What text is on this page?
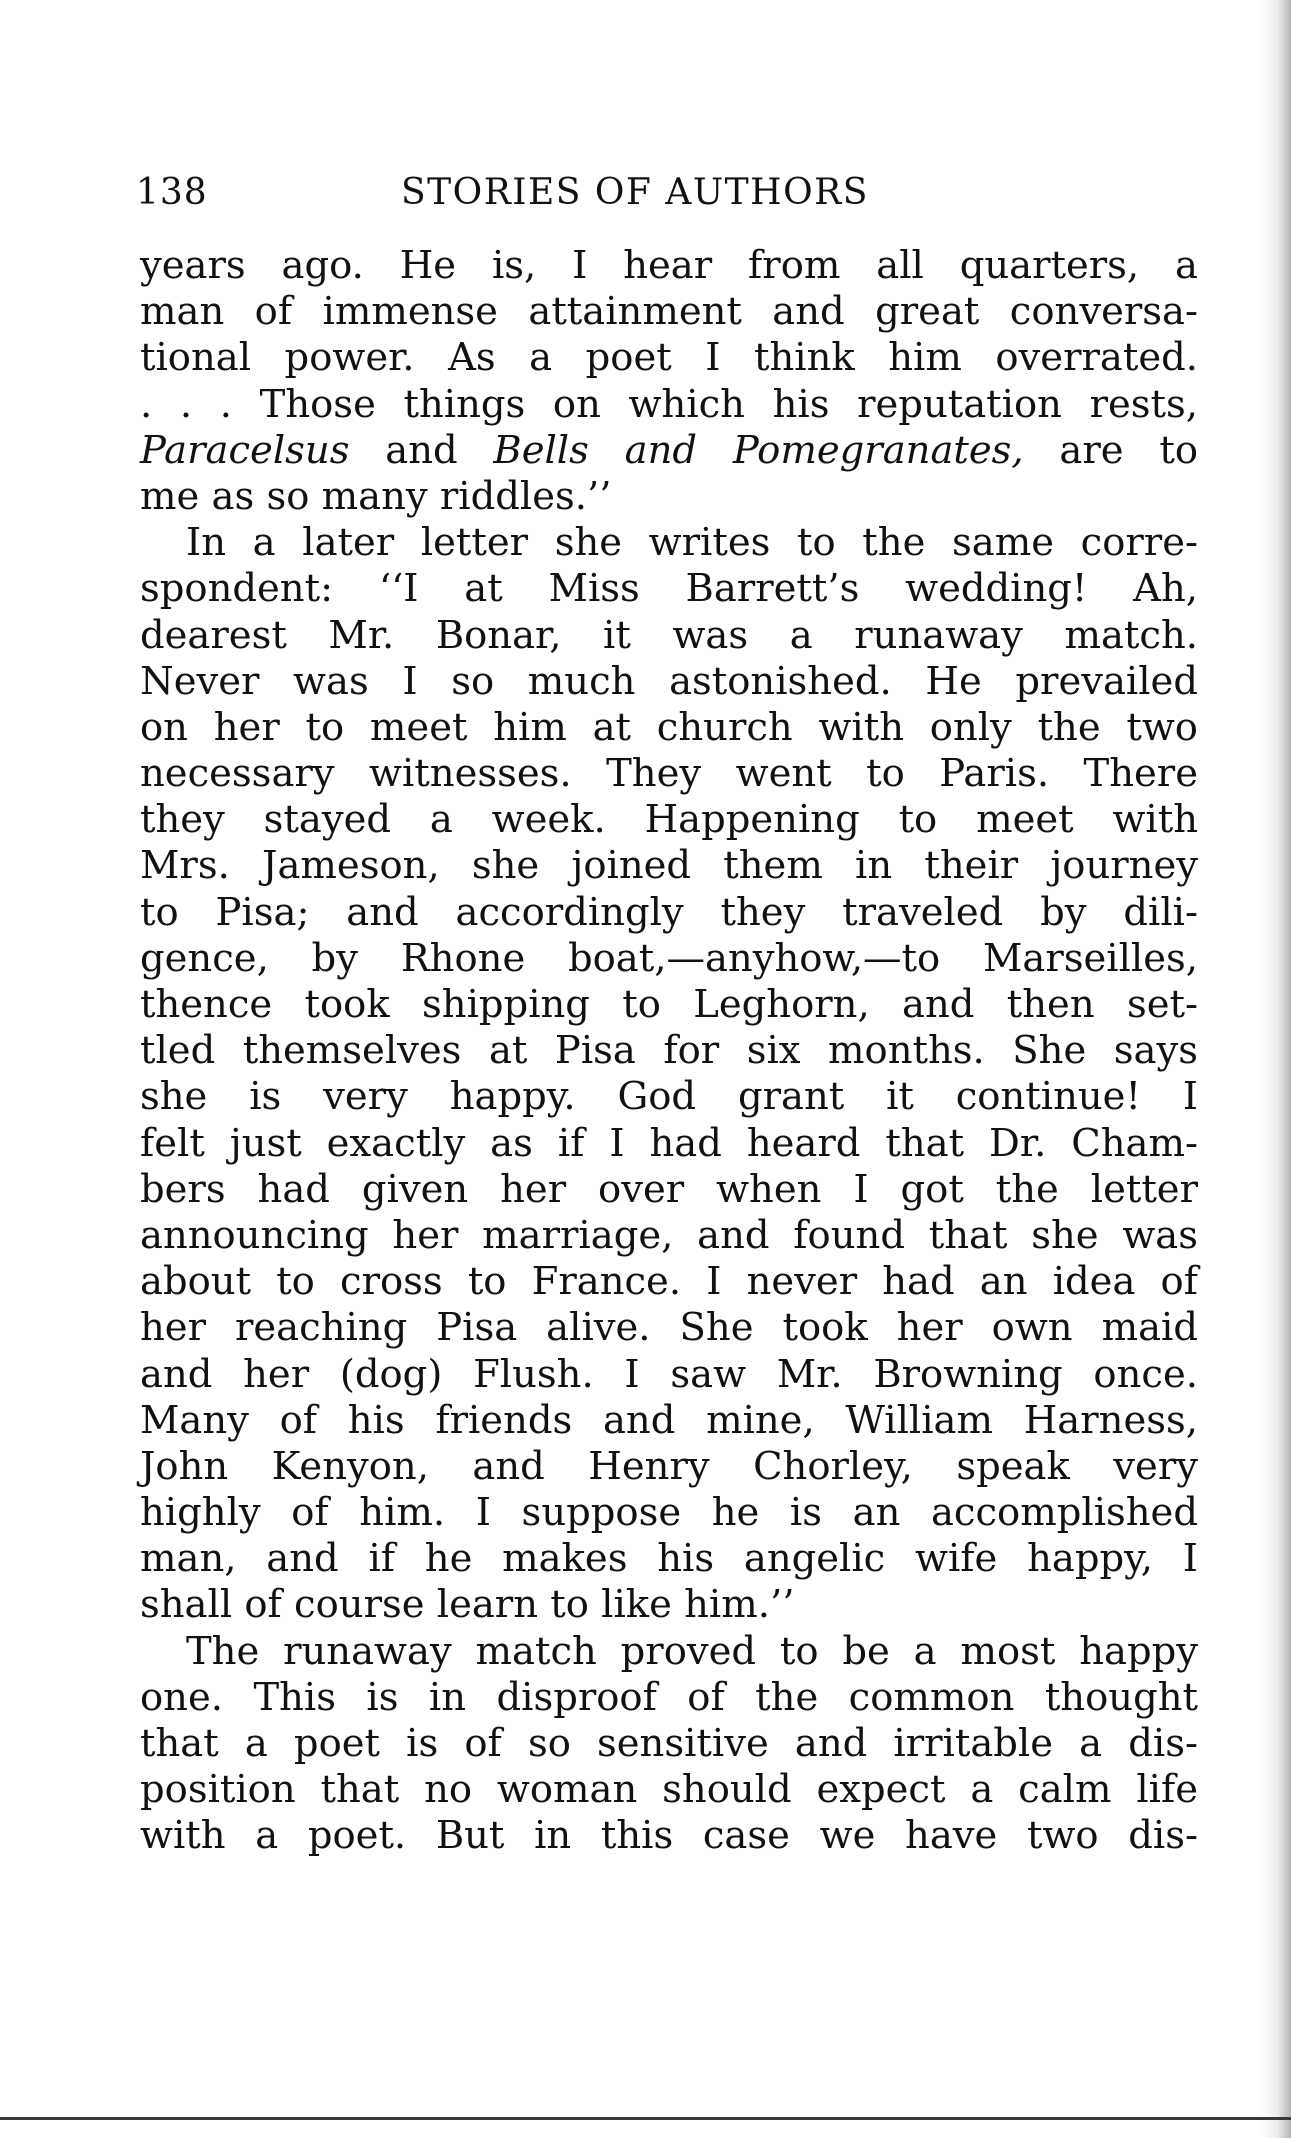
138	STORIES OF AUTHORS
years ago. He is, I hear from all quarters, a
man of immense attainment and great conversa-
tional power. As a poet I think him overrated.
. . . Those things on which his reputation rests,
Paracelsus and Bells and Pomegranates, are to
me as so many riddles.’’
In a later letter she writes to the same corre-
spondent: ‘‘I at Miss Barrett’s wedding! Ah,
dearest Mr. Bonar, it was a runaway match.
Never was I so much astonished. He prevailed
on her to meet him at church with only the two
necessary witnesses. They went to Paris. There
they stayed a week. Happening to meet with
Mrs. Jameson, she joined them in their journey
to Pisa; and accordingly they traveled by dili-
gence, by Rhone boat,—anyhow,—to Marseilles,
thence took shipping to Leghorn, and then set-
tled themselves at Pisa for six months. She says
she is very happy. God grant it continue! I
felt just exactly as if I had heard that Dr. Cham-
bers had given her over when I got the letter
announcing her marriage, and found that she was
about to cross to France. I never had an idea of
her reaching Pisa alive. She took her own maid
and her (dog) Flush. I saw Mr. Browning once.
Many of his friends and mine, William Harness,
John Kenyon, and Henry Chorley, speak very
highly of him. I suppose he is an accomplished
man, and if he makes his angelic wife happy, I
shall of course learn to like him.’’
The runaway match proved to be a most happy
one. This is in disproof of the common thought
that a poet is of so sensitive and irritable a dis-
position that no woman should expect a calm life
with a poet. But in this case we have two dis-
